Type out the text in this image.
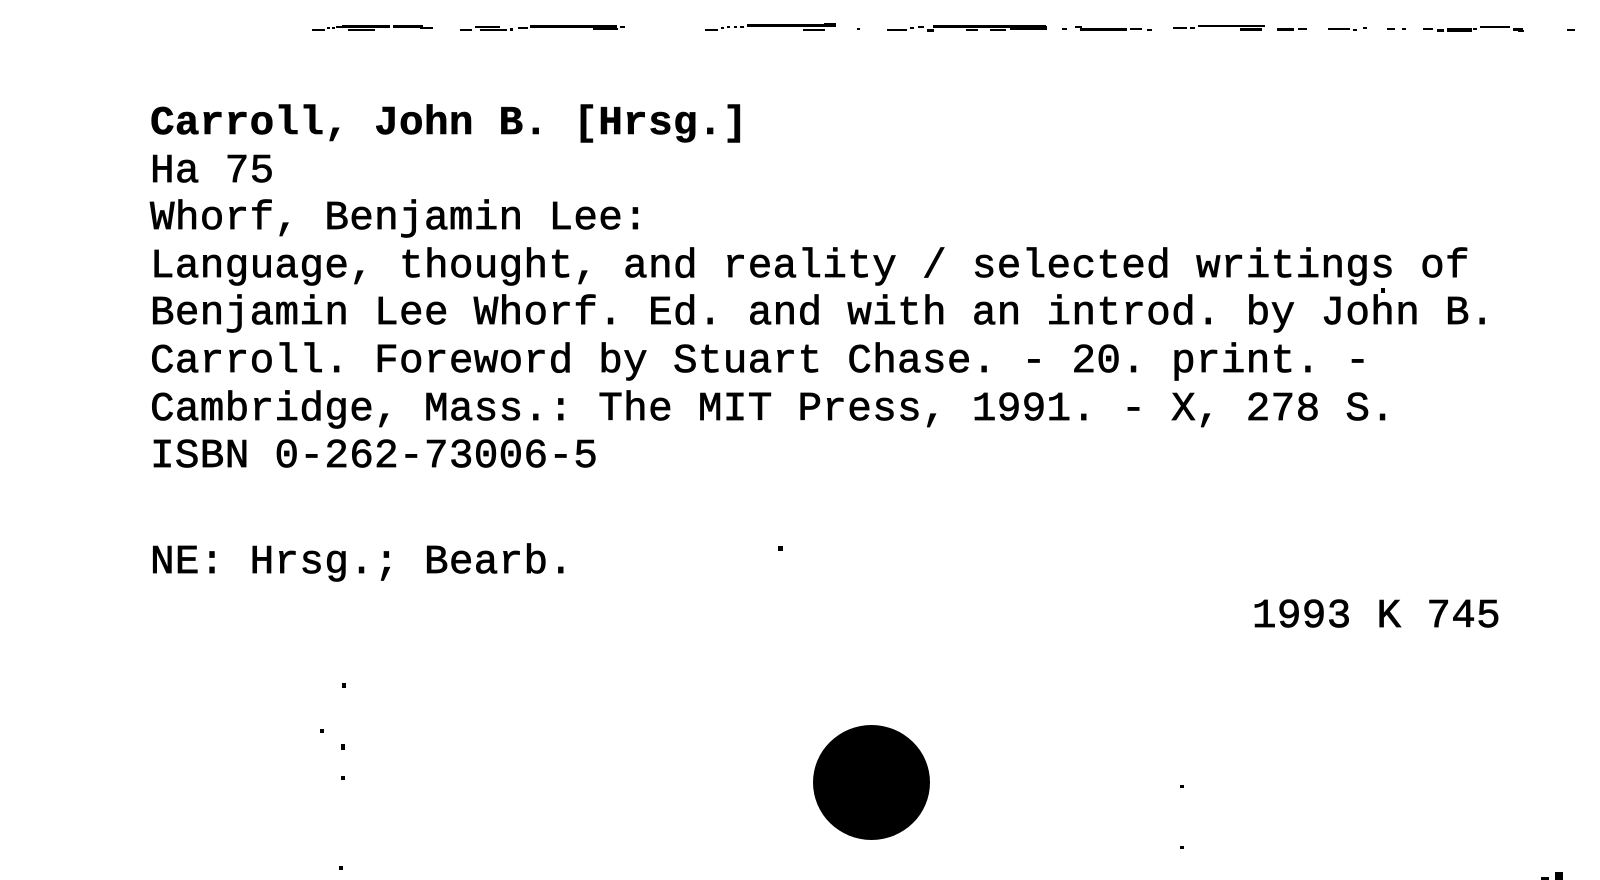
Carroll, John B. [Hrsg.]
Ha 75
Whorf, Benjamin Lee:
Language, thought, and reality / selected writings of
Benjamin Lee Whorf. Ed. and with an introd. by John B.
Carroll. Foreword by Stuart Chase. - 20. print. -
Cambridge, Mass.: The MIT Press, 1991. - X, 278 S.
ISBN 0-262-73006-5
NE: Hrsg.; Bearb.
1993 K 745
